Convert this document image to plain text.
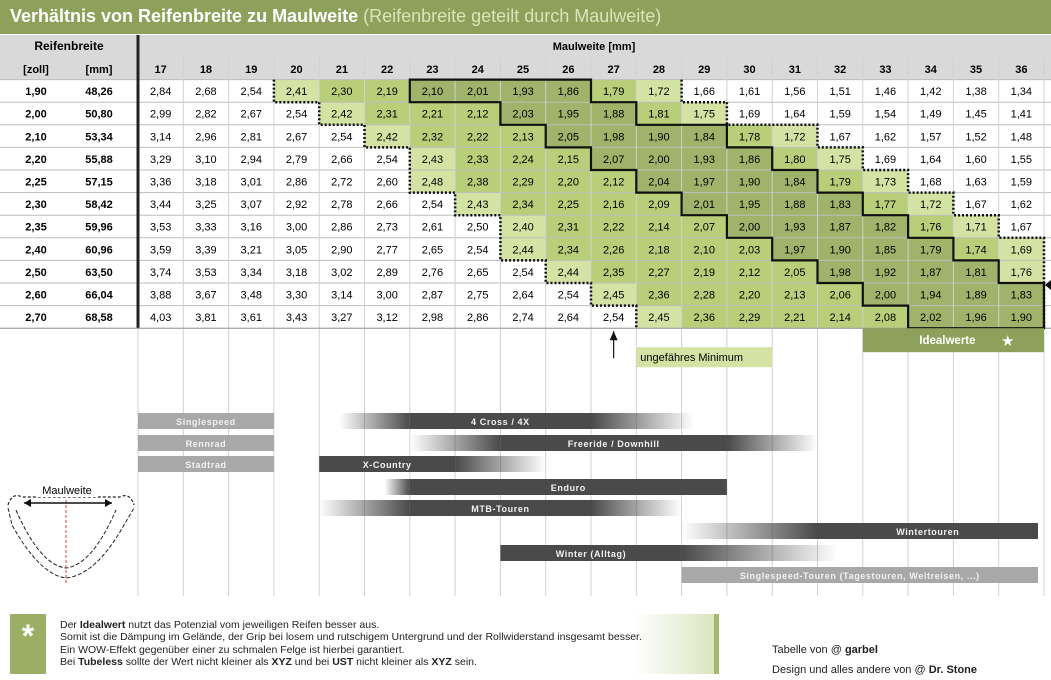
Reifenbreite	Maulweite [mm]
[zoll]	[mm]	17	18	19	20	21	22	23	24	25	26	27	28	29	30	31	32	33	34	35	36
1,90	48,26	2,84 2,68 2,54 2,41 2,30 2,19 2,10 2,01 1,93 1,86 1,79 1,72 1,66 1,61 1,56 1,51 1,46 1,42 1,38 1,34
2,00	50,80	2,99 2,82 2,67 2,54 2,42 2,31 2,21 2,12 2,03 1,95 1,88 1,81 1,75 1,69 1,64 1,59 1,54 1,49 1,45 1,41
2,10	53,34	3,14 2,96 2,81 2,67 2,54 2,42 2,32 2,22 2,13 2,05 1,98 1,90 1,84 1,78 1,72 1,67 1,62 1,57 1,52 1,48
2,20	55,88	3,29 3,10 2,94 2,79 2,66 2,54 2,43 2,33 2,24 2,15 2,07 2,00 1,93 1,86 1,80 1,75 1,69 1,64 1,60 1,55
2,25	57,15	3,36 3,18 3,01 2,86 2,72 2,60 2,48 2,38 2,29 2,20 2,12 2,04 1,97 1,90 1,84 1,79 1,73 1,68 1,63 1,59
2,30	58,42	3,44 3,25 3,07 2,92 2,78 2,66 2,54 2,43 2,34 2,25 2,16 2,09 2,01 1,95 1,88 1,83 1,77 1,72 1,67 1,62
2,35	59,96	3,53 3,33 3,16 3,00 2,86 2,73 2,61 2,50 2,40 2,31 2,22 2,14 2,07 2,00 1,93 1,87 1,82 1,76 1,71 1,67
2,40	60,96	3,59 3,39 3,21 3,05 2,90 2,77 2,65 2,54 2,44 2,34 2,26 2,18 2,10 2,03 1,97 1,90 1,85 1,79 1,74 1,69
2,50	63,50	3,74 3,53 3,34 3,18 3,02 2,89 2,76 2,65 2,54 2,44 2,35 2,27 2,19 2,12 2,05 1,98 1,92 1,87 1,81 1,76
2,60	66,04	3,88 3,67 3,48 3,30 3,14 3,00 2,87 2,75 2,64 2,54 2,45 2,36 2,28 2,20 2,13 2,06 2,00 1,94 1,89 1,83
2,70	68,58	4,03 3,81 3,61 3,43 3,27 3,12 2,98 2,86 2,74 2,64 2,54 2,45 2,36 2,29 2,21 2,14 2,08 2,02 1,96 1,90
ungefähres Minimum
Idealwerte ★
Singlespeed
Rennrad
Stadtrad
4 Cross / 4X
Freeride / Downhill
X-Country
Enduro
MTB-Touren
Wintertouren
Winter (Alltag)
Singlespeed-Touren (Tagestouren, Weltreisen, ...)
Maulweite
Verhältnis von Reifenbreite zu Maulweite (Reifenbreite geteilt durch Maulweite)
*	Der Idealwert nutzt das Potenzial vom jeweiligen Reifen besser aus.
Somit ist die Dämpung im Gelände, der Grip bei losem und rutschigem Untergrund und der Rollwiderstand insgesamt besser.
Ein WOW-Effekt gegenüber einer zu schmalen Felge ist hierbei garantiert.
Bei Tubeless sollte der Wert nicht kleiner als XYZ und bei UST nicht kleiner als XYZ sein.
Tabelle von @ garbel
Design und alles andere von @ Dr. Stone
